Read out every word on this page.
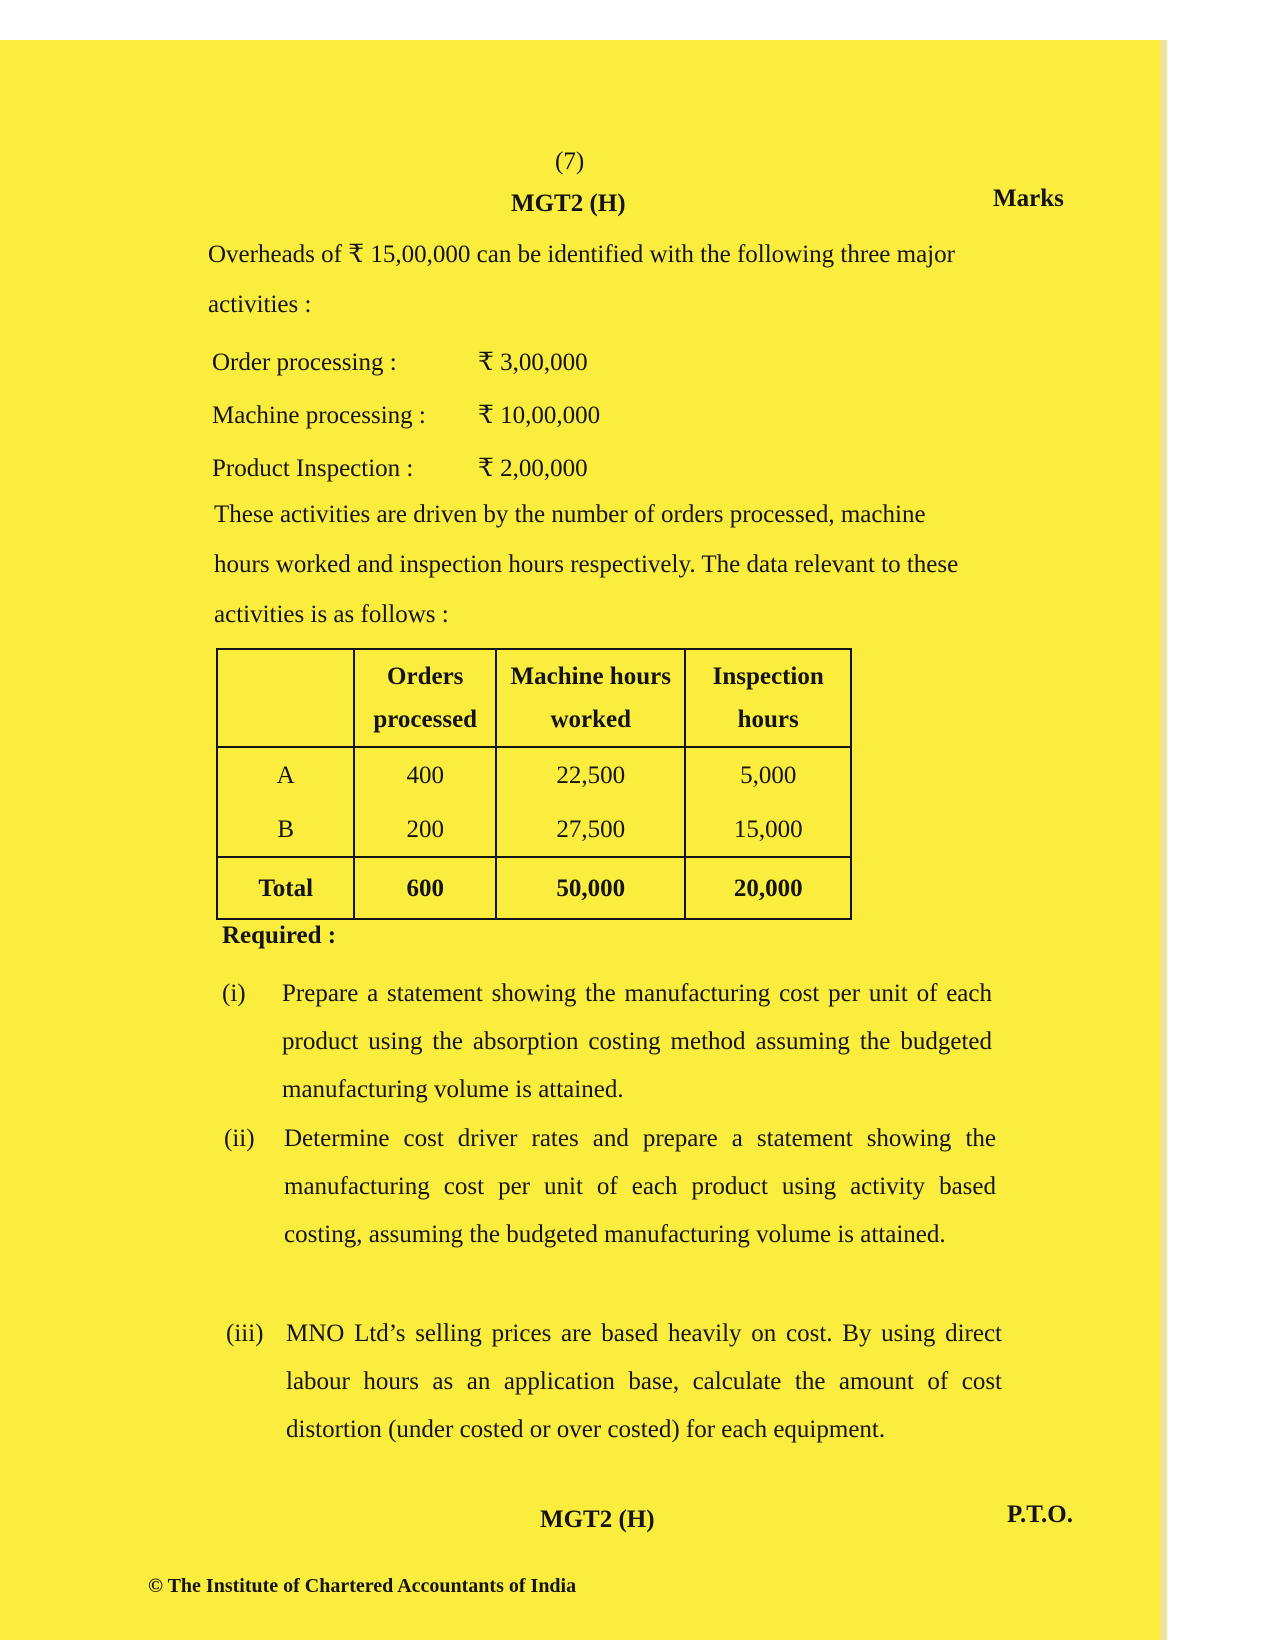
(7)
MGT2 (H)	Marks
Overheads of ₹ 15,00,000 can be identified with the following three major activities :
Order processing :	₹ 3,00,000
Machine processing : ₹ 10,00,000
Product Inspection :	₹ 2,00,000
These activities are driven by the number of orders processed, machine hours worked and inspection hours respectively. The data relevant to these activities is as follows :
	Orders processed	Machine hours worked	Inspection hours
A	400	22,500	5,000
B	200	27,500	15,000
Total	600	50,000	20,000
Required :
(i) Prepare a statement showing the manufacturing cost per unit of each product using the absorption costing method assuming the budgeted manufacturing volume is attained.
(ii) Determine cost driver rates and prepare a statement showing the manufacturing cost per unit of each product using activity based costing, assuming the budgeted manufacturing volume is attained.
(iii) MNO Ltd’s selling prices are based heavily on cost. By using direct labour hours as an application base, calculate the amount of cost distortion (under costed or over costed) for each equipment.
MGT2 (H)	P.T.O.
© The Institute of Chartered Accountants of India
